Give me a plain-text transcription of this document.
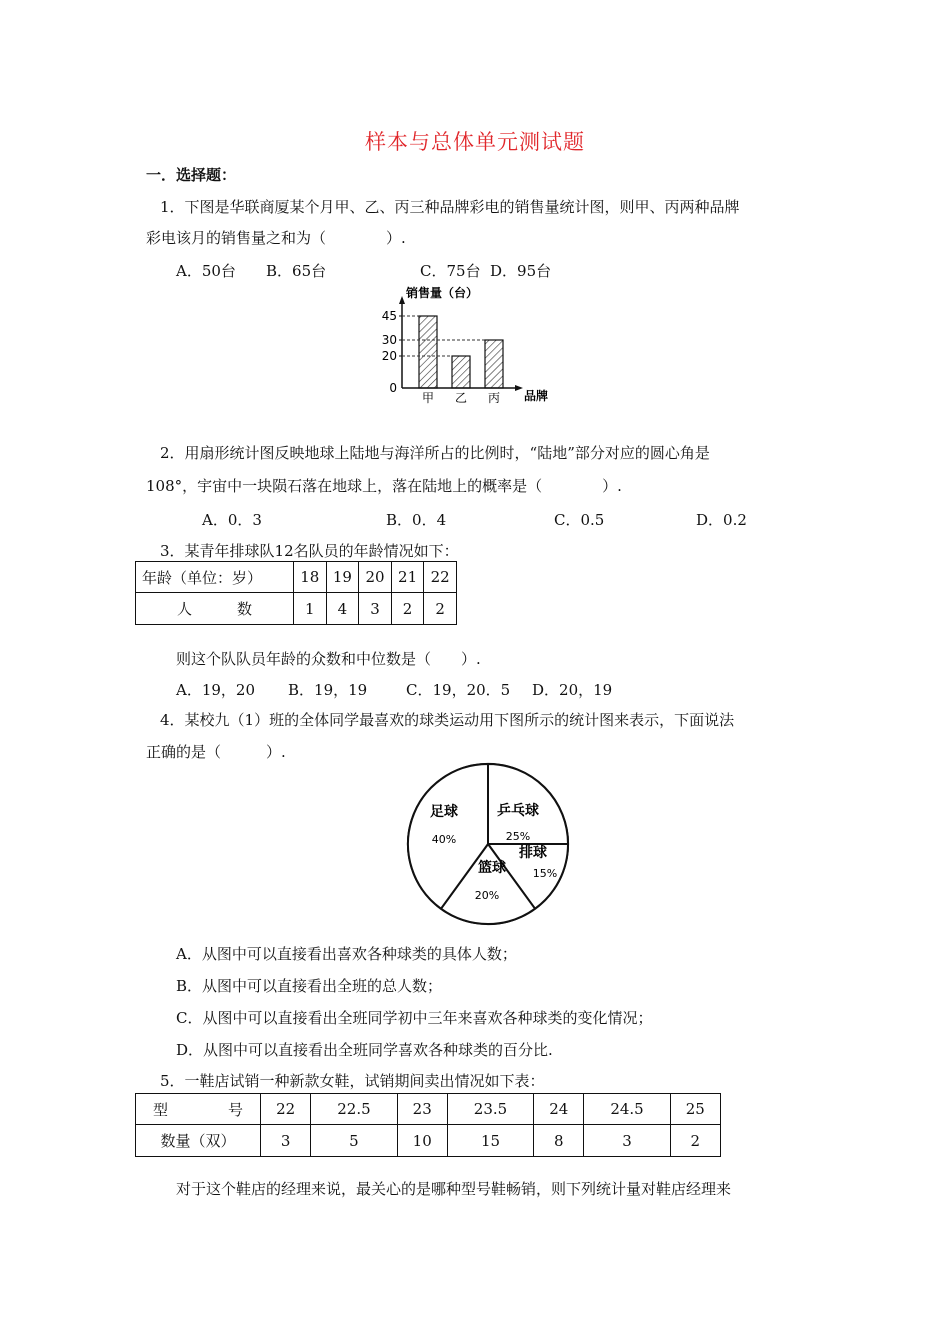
样本与总体单元测试题
一．选择题：
1．下图是华联商厦某个月甲、乙、丙三种品牌彩电的销售量统计图，则甲、丙两种品牌
彩电该月的销售量之和为（　　　　）.
A．50台 B．65台	C．75台 D．95台
销售量（台）
品牌
0
20
30
45
甲 乙 丙
2．用扇形统计图反映地球上陆地与海洋所占的比例时，“陆地”部分对应的圆心角是
108°，宇宙中一块陨石落在地球上，落在陆地上的概率是（　　　　）.
A．0．3	B．0．4	C．0.5	D．0.2
3．某青年排球队12名队员的年龄情况如下：
年龄（单位：岁）	18	19	20	21	22
人　　　数	1	4	3	2	2
则这个队队员年龄的众数和中位数是（　　）.
A．19，20 B．19，19	C．19，20．5 D．20，19
4．某校九（1）班的全体同学最喜欢的球类运动用下图所示的统计图来表示，下面说法
正确的是（　　　）.
足球
40%
乒乓球
25%
排球
15%
篮球
20%
A．从图中可以直接看出喜欢各种球类的具体人数；
B．从图中可以直接看出全班的总人数；
C．从图中可以直接看出全班同学初中三年来喜欢各种球类的变化情况；
D．从图中可以直接看出全班同学喜欢各种球类的百分比.
5．一鞋店试销一种新款女鞋，试销期间卖出情况如下表：
型　　　　号	22	22.5	23	23.5	24	24.5	25
数量（双）	3	5	10	15	8	3	2
对于这个鞋店的经理来说，最关心的是哪种型号鞋畅销，则下列统计量对鞋店经理来
